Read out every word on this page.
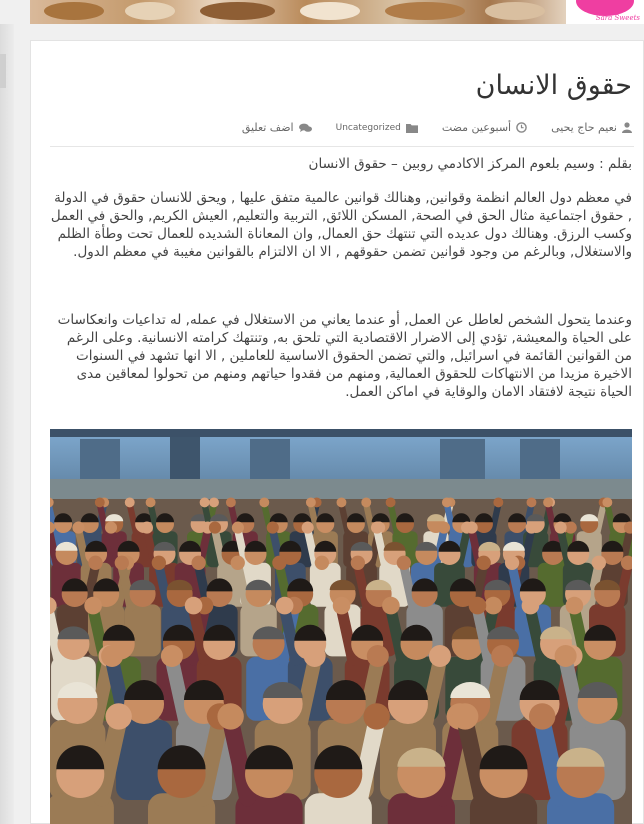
Sara Sweets
حقوق الانسان
نعيم حاج يحيى
أسبوعين مضت
Uncategorized
اضف تعليق

بقلم : وسيم بلعوم المركز الاكادمي روبين – حقوق الانسان

في معظم دول العالم انظمة وقوانين, وهنالك قوانين عالمية متفق عليها , ويحق للانسان حقوق في الدولة , حقوق اجتماعية مثال الحق في الصحة, المسكن اللائق, التربية والتعليم, العيش الكريم, والحق في العمل وكسب الرزق. وهنالك دول عديده التي تنتهك حق العمال, وان المعاناة الشديده للعمال تحت وطأة الظلم والاستغلال, وبالرغم من وجود قوانين تضمن حقوقهم , الا ان الالتزام بالقوانين مغيبة في معظم الدول.

وعندما يتحول الشخص لعاطل عن العمل, أو عندما يعاني من الاستغلال في عمله, له تداعيات وانعكاسات على الحياة والمعيشة, تؤدي إلى الاضرار الاقتصادية التي تلحق به, وتنتهك كرامته الانسانية. وعلى الرغم من القوانين القائمة في اسرائيل, والتي تضمن الحقوق الاساسية للعاملين , الا انها تشهد في السنوات الاخيرة مزيدا من الانتهاكات للحقوق العمالية, ومنهم من فقدوا حياتهم ومنهم من تحولوا لمعاقين مدى الحياة نتيجة لافتقاد الامان والوقاية في اماكن العمل.
